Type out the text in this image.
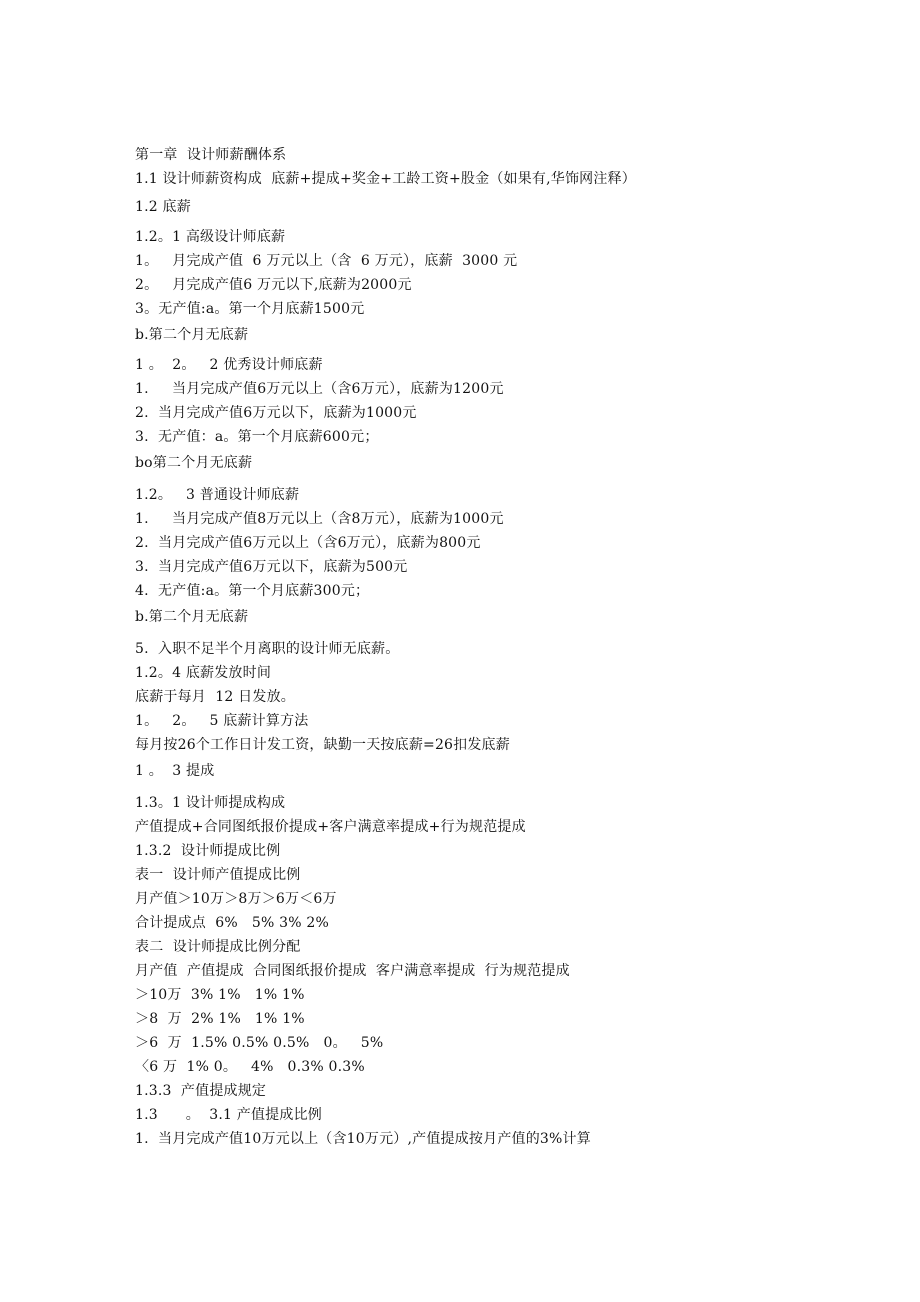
第一章  设计师薪酬体系
1.1 设计师薪资构成  底薪+提成+奖金+工龄工资+股金（如果有,华饰网注释）
1.2 底薪
1.2。1 高级设计师底薪
1。   月完成产值  6 万元以上（含  6 万元），底薪  3000 元
2。   月完成产值6 万元以下,底薪为2000元
3。无产值:a。第一个月底薪1500元
b.第二个月无底薪
1 。  2。   2 优秀设计师底薪
1.     当月完成产值6万元以上（含6万元），底薪为1200元
2.  当月完成产值6万元以下，底薪为1000元
3.  无产值：a。第一个月底薪600元；
bo第二个月无底薪
1.2。   3 普通设计师底薪
1.     当月完成产值8万元以上（含8万元），底薪为1000元
2.  当月完成产值6万元以上（含6万元），底薪为800元
3.  当月完成产值6万元以下，底薪为500元
4.  无产值:a。第一个月底薪300元；
b.第二个月无底薪
5.  入职不足半个月离职的设计师无底薪。
1.2。4 底薪发放时间
底薪于每月  12 日发放。
1。   2。   5 底薪计算方法
每月按26个工作日计发工资，缺勤一天按底薪=26扣发底薪
1 。  3 提成
1.3。1 设计师提成构成
产值提成+合同图纸报价提成+客户满意率提成+行为规范提成
1.3.2  设计师提成比例
表一  设计师产值提成比例
月产值＞10万＞8万＞6万＜6万
合计提成点  6%   5% 3% 2%
表二  设计师提成比例分配
月产值  产值提成  合同图纸报价提成  客户满意率提成  行为规范提成
＞10万  3% 1%   1% 1%
＞8  万  2% 1%   1% 1%
＞6  万  1.5% 0.5% 0.5%   0。   5%
〈6 万  1% 0。   4%   0.3% 0.3%
1.3.3  产值提成规定
1.3      。  3.1 产值提成比例
1.  当月完成产值10万元以上（含10万元）,产值提成按月产值的3%计算
